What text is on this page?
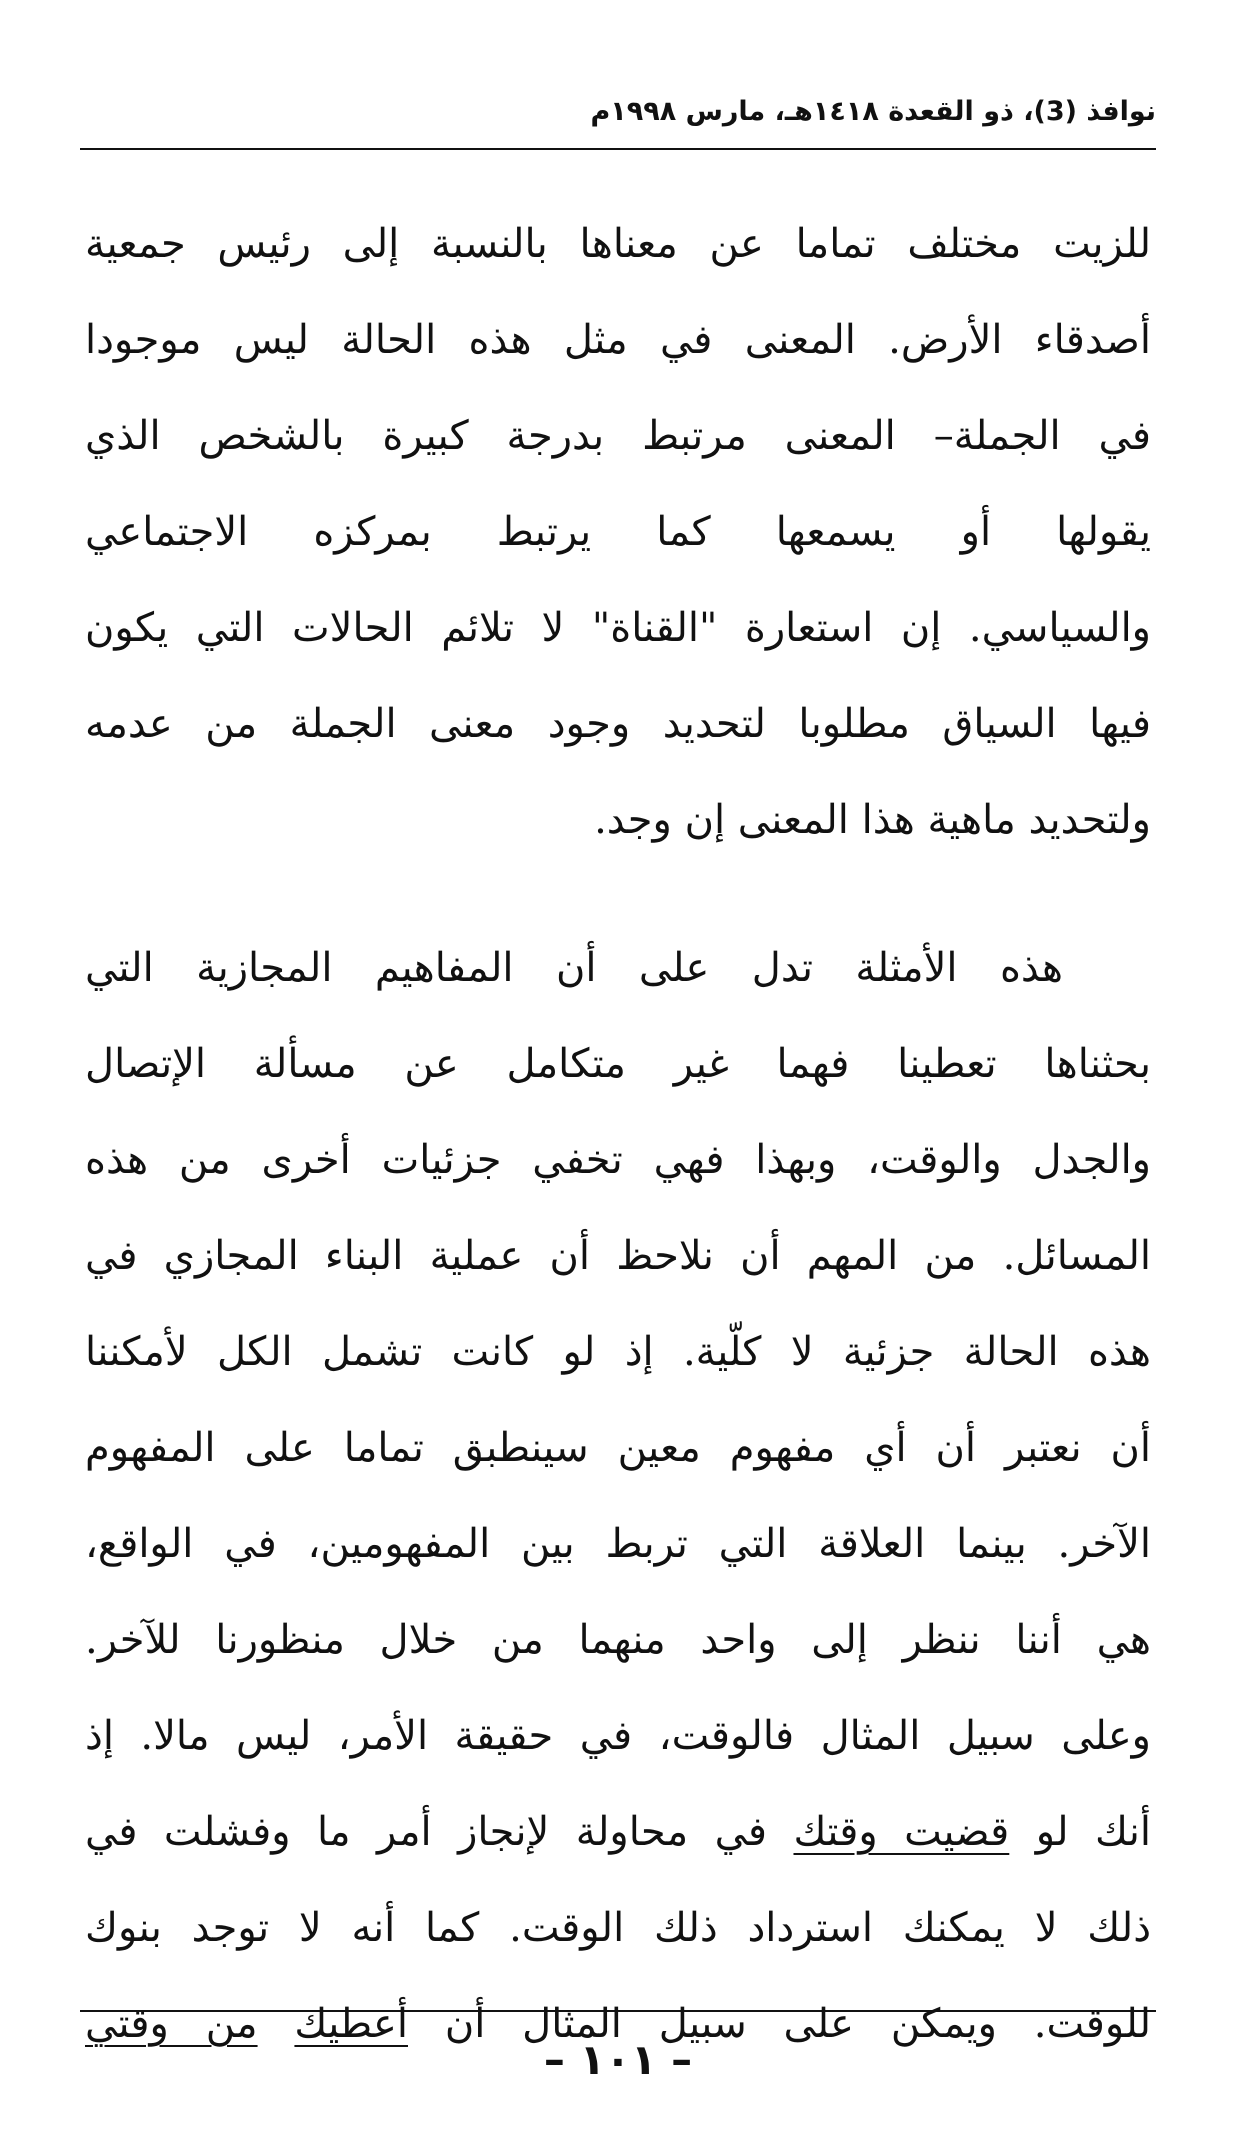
نوافذ (3)، ذو القعدة ١٤١٨هـ، مارس ١٩٩٨م
للزيت مختلف تماما عن معناها بالنسبة إلى رئيس جمعية
أصدقاء الأرض. المعنى في مثل هذه الحالة ليس موجودا
في الجملة– المعنى مرتبط بدرجة كبيرة بالشخص الذي
يقولها أو يسمعها كما يرتبط بمركزه الاجتماعي
والسياسي. إن استعارة "القناة" لا تلائم الحالات التي يكون
فيها السياق مطلوبا لتحديد وجود معنى الجملة من عدمه
ولتحديد ماهية هذا المعنى إن وجد.
هذه الأمثلة تدل على أن المفاهيم المجازية التي
بحثناها تعطينا فهما غير متكامل عن مسألة الإتصال
والجدل والوقت، وبهذا فهي تخفي جزئيات أخرى من هذه
المسائل. من المهم أن نلاحظ أن عملية البناء المجازي في
هذه الحالة جزئية لا كلّية. إذ لو كانت تشمل الكل لأمكننا
أن نعتبر أن أي مفهوم معين سينطبق تماما على المفهوم
الآخر. بينما العلاقة التي تربط بين المفهومين، في الواقع،
هي أننا ننظر إلى واحد منهما من خلال منظورنا للآخر.
وعلى سبيل المثال فالوقت، في حقيقة الأمر، ليس مالا. إذ
أنك لو قضيت وقتك في محاولة لإنجاز أمر ما وفشلت في
ذلك لا يمكنك استرداد ذلك الوقت. كما أنه لا توجد بنوك
للوقت. ويمكن على سبيل المثال أن أعطيك من وقتي
– ١٠١ –
